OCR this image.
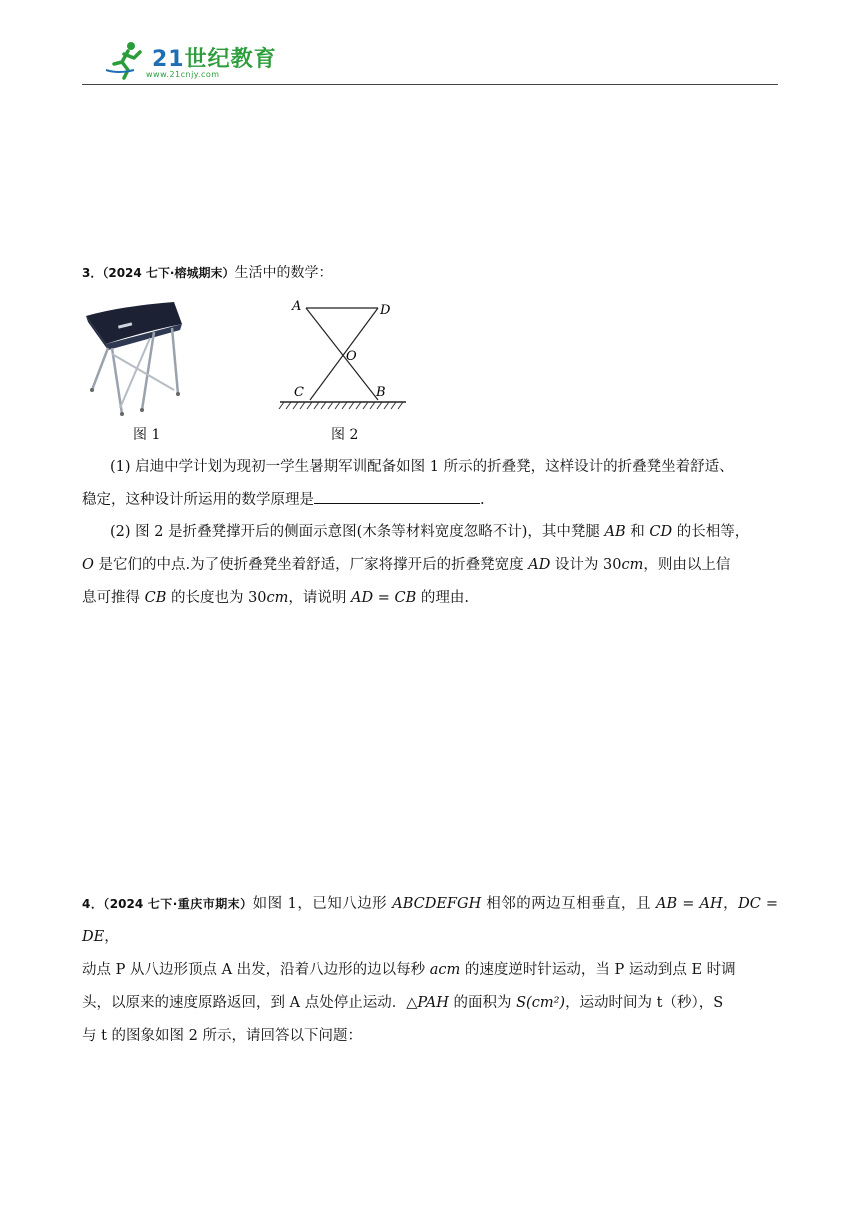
21世纪教育
www.21cnjy.com
3．（2024 七下·榕城期末）生活中的数学：
图 1
A	D
O
C	B
图 2
(1) 启迪中学计划为现初一学生暑期军训配备如图 1 所示的折叠凳，这样设计的折叠凳坐着舒适、
稳定，这种设计所运用的数学原理是	.
(2) 图 2 是折叠凳撑开后的侧面示意图(木条等材料宽度忽略不计)，其中凳腿 AB 和 CD 的长相等，
O 是它们的中点.为了使折叠凳坐着舒适，厂家将撑开后的折叠凳宽度 AD 设计为 30cm，则由以上信
息可推得 CB 的长度也为 30cm，请说明 AD = CB 的理由.
4．（2024 七下·重庆市期末）如图 1，已知八边形 ABCDEFGH 相邻的两边互相垂直，且 AB = AH，DC = DE，
动点 P 从八边形顶点 A 出发，沿着八边形的边以每秒 acm 的速度逆时针运动，当 P 运动到点 E 时调
头，以原来的速度原路返回，到 A 点处停止运动．△PAH 的面积为 S(cm²)，运动时间为 t（秒），S
与 t 的图象如图 2 所示，请回答以下问题：
